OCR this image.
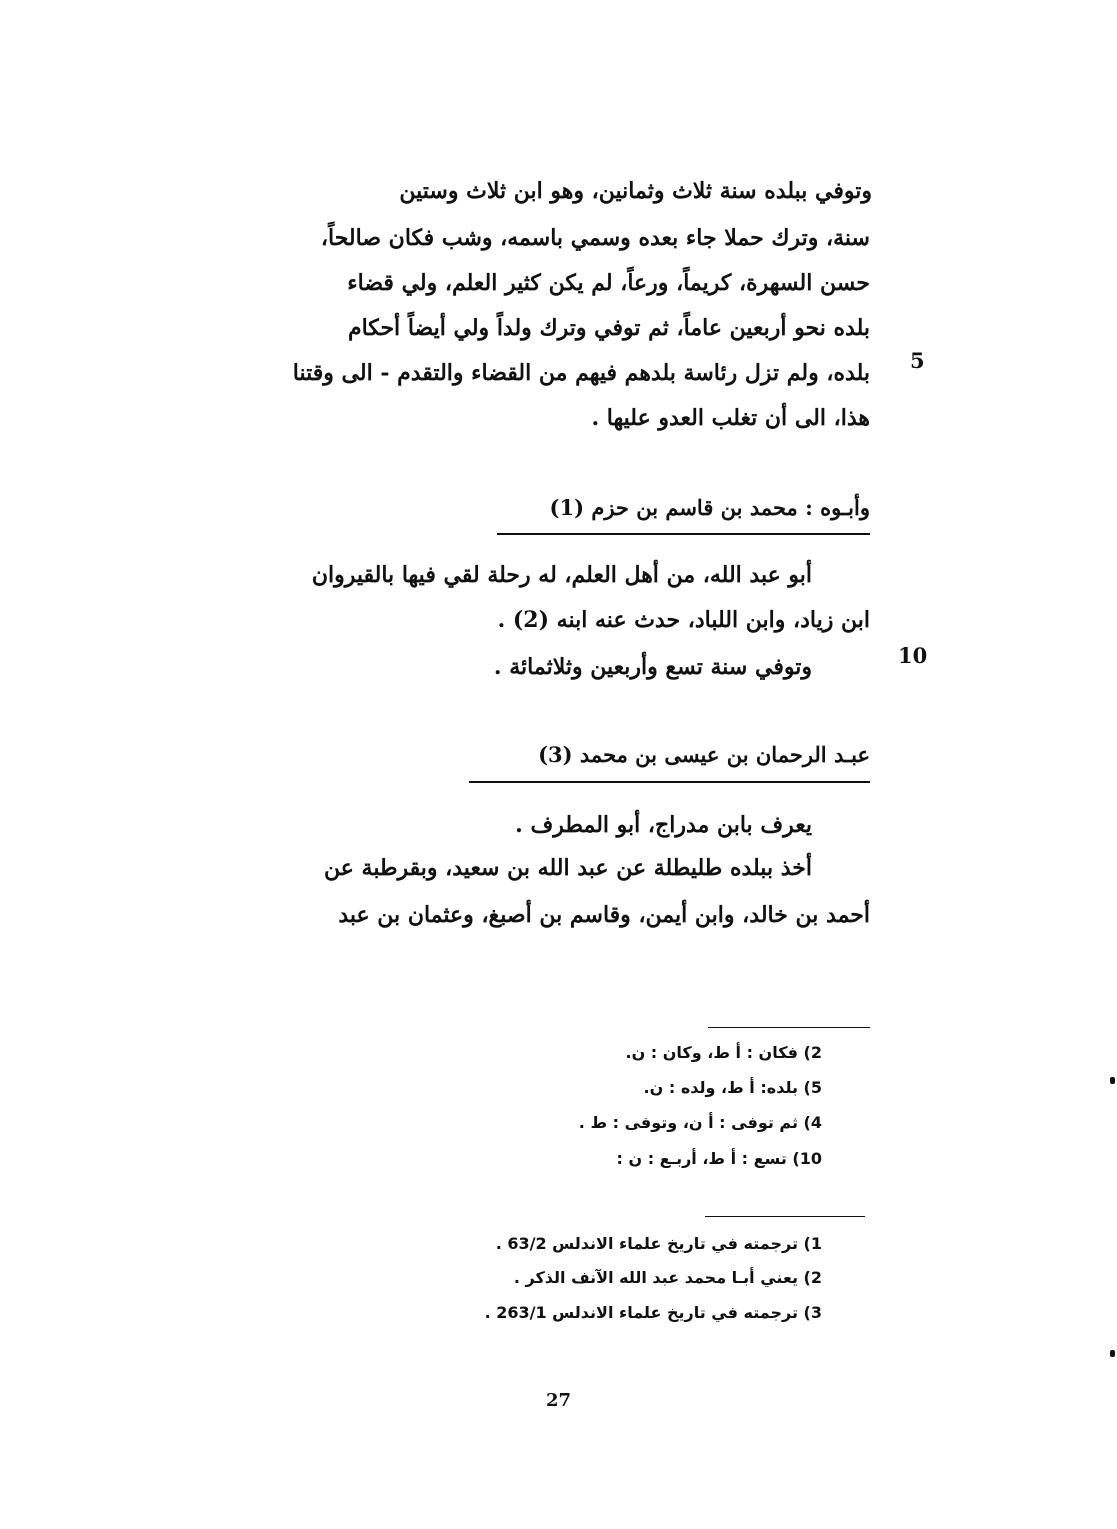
وتوفي ببلده سنة ثلاث وثمانين، وهو ابن ثلاث وستين
سنة، وترك حملا جاء بعده وسمي باسمه، وشب فكان صالحاً،
حسن السهرة، كريماً، ورعاً، لم يكن كثير العلم، ولي قضاء
بلده نحو أربعين عاماً، ثم توفي وترك ولداً ولي أيضاً أحكام
بلده، ولم تزل رئاسة بلدهم فيهم من القضاء والتقدم - الى وقتنا
هذا، الى أن تغلب العدو عليها .
5
وأبـوه : محمد بن قاسم بن حزم (1)
أبو عبد الله، من أهل العلم، له رحلة لقي فيها بالقيروان
ابن زياد، وابن اللباد، حدث عنه ابنه (2) .
وتوفي سنة تسع وأربعين وثلاثمائة .	10
عبـد الرحمان بن عيسى بن محمد (3)
يعرف بابن مدراج، أبو المطرف .
أخذ ببلده طليطلة عن عبد الله بن سعيد، وبقرطبة عن
أحمد بن خالد، وابن أيمن، وقاسم بن أصبغ، وعثمان بن عبد
2) فكان : أ ط، وكان : ن.
5) بلده: أ ط، ولده : ن.
4) ثم توفى : أ ن، وتوفى : ط .
10) تسع : أ ط، أربـع : ن :
1) ترجمته في تاريخ علماء الاندلس 63/2 .
2) يعني أبـا محمد عبد الله الآنف الذكر .
3) ترجمته في تاريخ علماء الاندلس 263/1 .
27
